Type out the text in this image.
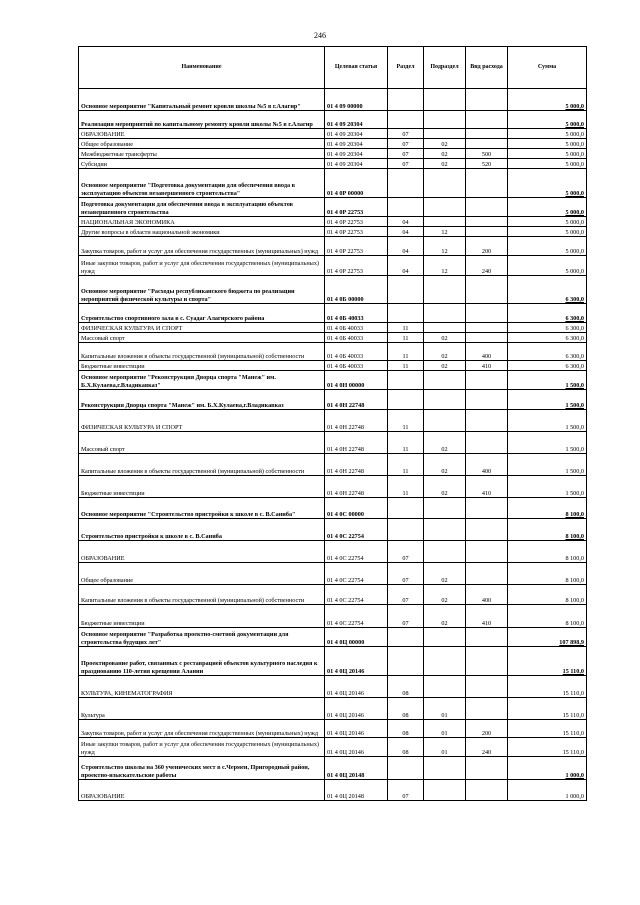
246
Наименование	Целевая статья	Раздел	Подраздел	Вид расхода	Сумма
Основное мероприятие "Капитальный ремонт кровли школы №5 в г.Алагир"	01 4 09 00000				5 000,0
Реализация мероприятий по капитальному ремонту кровли школы №5 в г.Алагир	01 4 09 20304				5 000,0
ОБРАЗОВАНИЕ	01 4 09 20304	07			5 000,0
Общее образование	01 4 09 20304	07	02		5 000,0
Межбюджетные трансферты	01 4 09 20304	07	02	500	5 000,0
Субсидии	01 4 09 20304	07	02	520	5 000,0
Основное мероприятие "Подготовка документации для обеспечения ввода в эксплуатацию объектов незавершенного строительства"	01 4 0Р 00000				5 000,0
Подготовка документации для обеспечения ввода в эксплуатацию объектов незавершенного строительства	01 4 0Р 22753				5 000,0
НАЦИОНАЛЬНАЯ ЭКОНОМИКА	01 4 0Р 22753	04			5 000,0
Другие вопросы в области национальной экономики	01 4 0Р 22753	04	12		5 000,0
Закупка товаров, работ и услуг для обеспечения государственных (муниципальных) нужд	01 4 0Р 22753	04	12	200	5 000,0
Иные закупки товаров, работ и услуг для обеспечения государственных (муниципальных) нужд	01 4 0Р 22753	04	12	240	5 000,0
Основное мероприятие "Расходы республиканского бюджета по реализации мероприятий физической культуры и спорта"	01 4 0Б 00000				6 300,0
Строительство спортивного зала в с. Суадаг Алагирского района	01 4 0Б 40033				6 300,0
ФИЗИЧЕСКАЯ КУЛЬТУРА И СПОРТ	01 4 0Б 40033	11			6 300,0
Массовый спорт	01 4 0Б 40033	11	02		6 300,0
Капитальные вложения в объекты государственной (муниципальной) собственности	01 4 0Б 40033	11	02	400	6 300,0
Бюджетные инвестиции	01 4 0Б 40033	11	02	410	6 300,0
Основное мероприятие "Реконструкция Дворца спорта "Манеж" им. Б.Х.Кулаева,г.Владикавказ"	01 4 0Н 00000				1 500,0
Реконструкция Дворца спорта "Манеж" им. Б.Х.Кулаева,г.Владикавказ	01 4 0Н 22748				1 500,0
ФИЗИЧЕСКАЯ КУЛЬТУРА И СПОРТ	01 4 0Н 22748	11			1 500,0
Массовый спорт	01 4 0Н 22748	11	02		1 500,0
Капитальные вложения в объекты государственной (муниципальной) собственности	01 4 0Н 22748	11	02	400	1 500,0
Бюджетные инвестиции	01 4 0Н 22748	11	02	410	1 500,0
Основное мероприятие "Строительство пристройки к школе в с. В.Санибa"	01 4 0С 00000				8 100,0
Строительство пристройки к школе в с. В.Санибa	01 4 0С 22754				8 100,0
ОБРАЗОВАНИЕ	01 4 0С 22754	07			8 100,0
Общее образование	01 4 0С 22754	07	02		8 100,0
Капитальные вложения в объекты государственной (муниципальной) собственности	01 4 0С 22754	07	02	400	8 100,0
Бюджетные инвестиции	01 4 0С 22754	07	02	410	8 100,0
Основное мероприятие "Разработка проектно-сметной документации для строительства будущих лет"	01 4 0Ц 00000				107 898,9
Проектирование работ, связанных с реставрацией объектов культурного наследия к празднованию 110-летия крещения Алании	01 4 0Ц 20146				15 110,0
КУЛЬТУРА, КИНЕМАТОГРАФИЯ	01 4 0Ц 20146	08			15 110,0
Культура	01 4 0Ц 20146	08	01		15 110,0
Закупка товаров, работ и услуг для обеспечения государственных (муниципальных) нужд	01 4 0Ц 20146	08	01	200	15 110,0
Иные закупки товаров, работ и услуг для обеспечения государственных (муниципальных) нужд	01 4 0Ц 20146	08	01	240	15 110,0
Строительство школы на 360 ученических мест в с.Чермен, Пригородный район, проектно-изыскательские работы	01 4 0Ц 20148				1 000,0
ОБРАЗОВАНИЕ	01 4 0Ц 20148	07			1 000,0
